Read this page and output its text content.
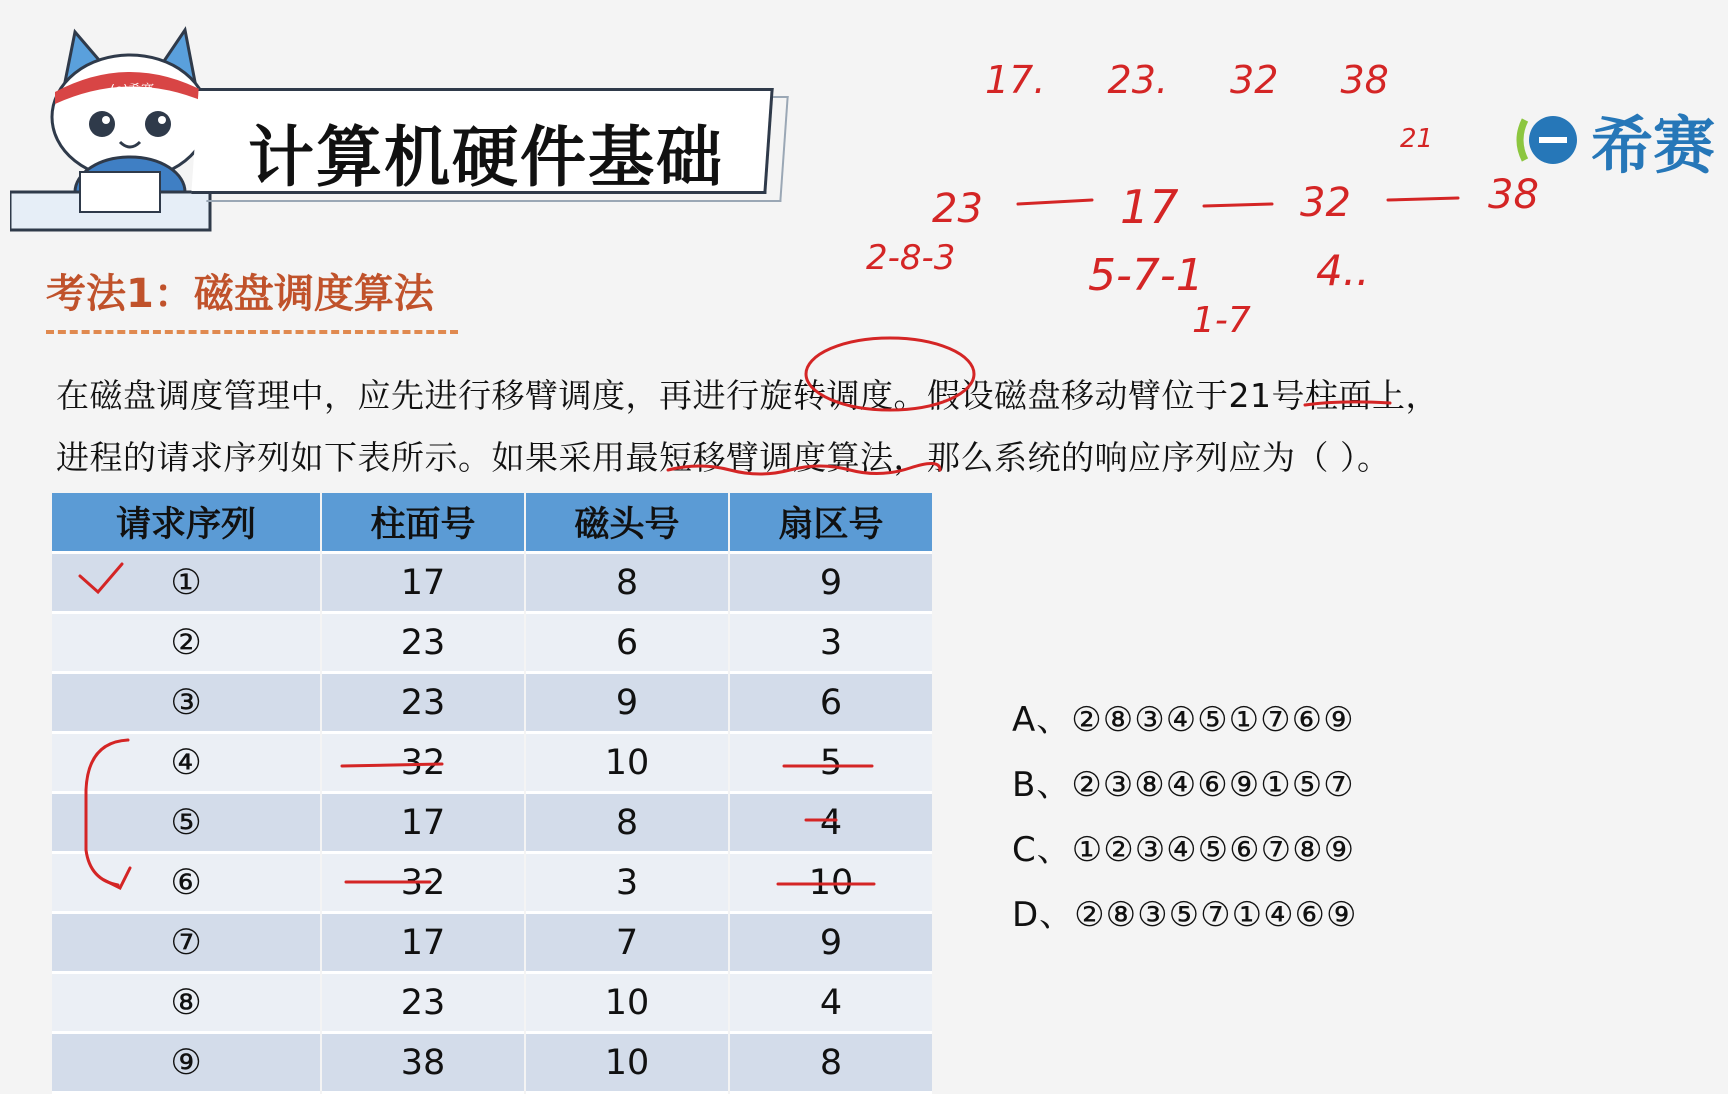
(e)希赛
计算机硬件基础	希赛
考法1：磁盘调度算法
在磁盘调度管理中，应先进行移臂调度，再进行旋转调度。假设磁盘移动臂位于21号柱面上，
进程的请求序列如下表所示。如果采用最短移臂调度算法，那么系统的响应序列应为（ ）。
请求序列	柱面号	磁头号	扇区号
①	17	8	9
②	23	6	3
③	23	9	6
④	32	10	5
⑤	17	8	4
⑥	32	3	10
⑦	17	7	9
⑧	23	10	4
⑨	38	10	8
A、②⑧③④⑤①⑦⑥⑨
B、②③⑧④⑥⑨①⑤⑦
C、①②③④⑤⑥⑦⑧⑨
D、②⑧③⑤⑦①④⑥⑨
17. 23. 32 38
21
23	17	32	38
2-8-3	5-7-1
1-7
4..
